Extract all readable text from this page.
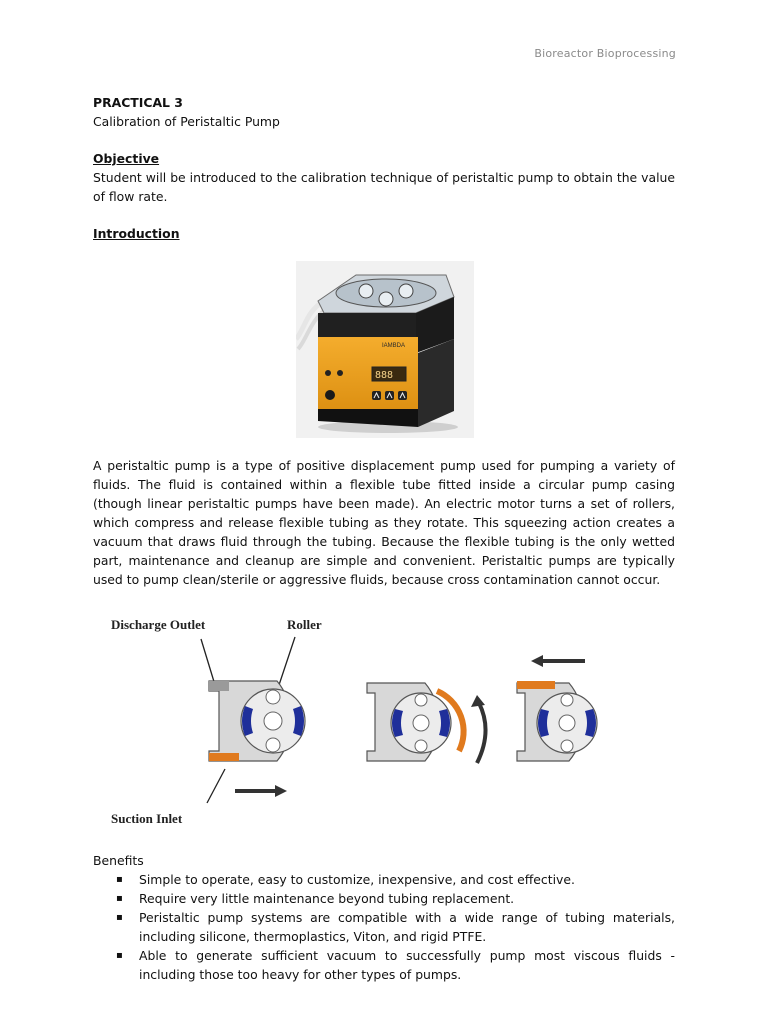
Bioreactor Bioprocessing
PRACTICAL 3
Calibration of Peristaltic Pump
Objective

Student will be introduced to the calibration technique of peristaltic pump to obtain the value of flow rate.

Introduction
IAMBDA
888

A peristaltic pump is a type of positive displacement pump used for pumping a variety of fluids. The fluid is contained within a flexible tube fitted inside a circular pump casing (though linear peristaltic pumps have been made). An electric motor turns a set of rollers, which compress and release flexible tubing as they rotate. This squeezing action creates a vacuum that draws fluid through the tubing. Because the flexible tubing is the only wetted part, maintenance and cleanup are simple and convenient. Peristaltic pumps are typically used to pump clean/sterile or aggressive fluids, because cross contamination cannot occur.

Discharge Outlet	Roller
Suction Inlet
Benefits
▪ Simple to operate, easy to customize, inexpensive, and cost effective.
▪ Require very little maintenance beyond tubing replacement.
▪ Peristaltic pump systems are compatible with a wide range of tubing materials, including silicone, thermoplastics, Viton, and rigid PTFE.
▪ Able to generate sufficient vacuum to successfully pump most viscous fluids - including those too heavy for other types of pumps.
